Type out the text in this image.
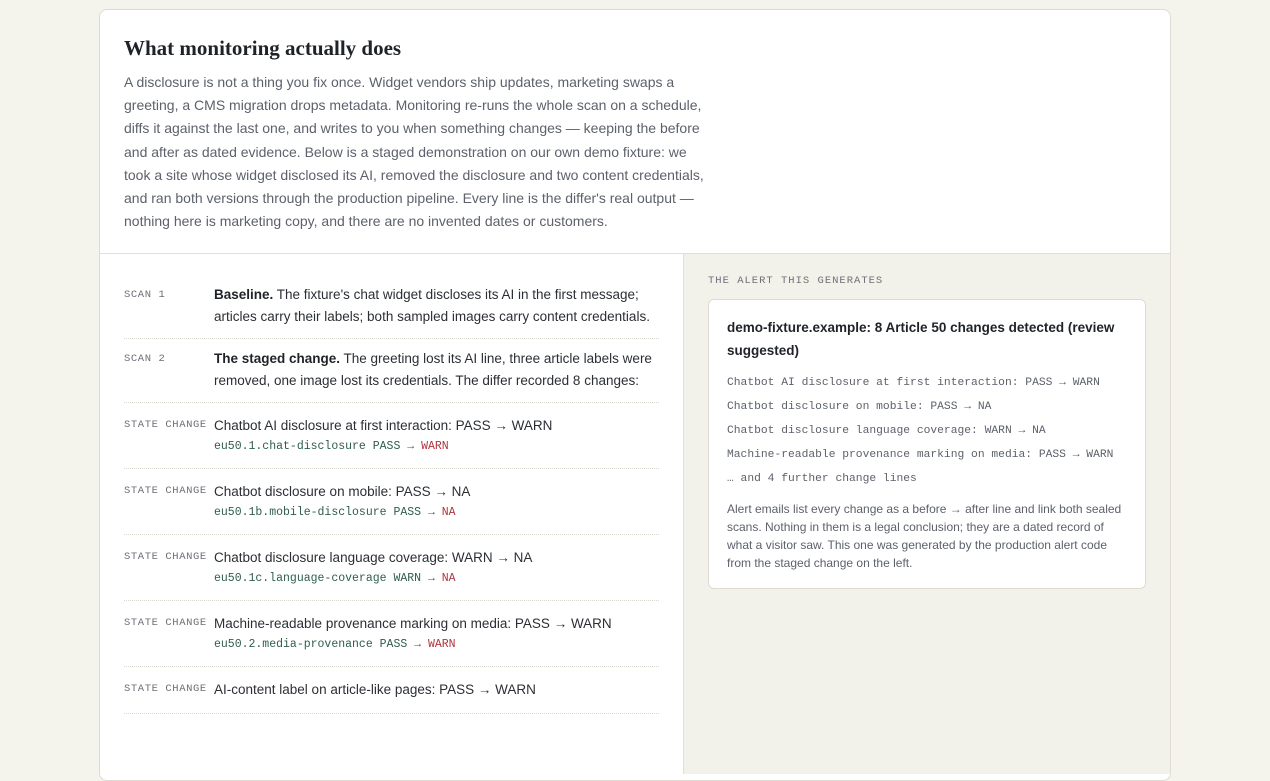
What monitoring actually does

A disclosure is not a thing you fix once. Widget vendors ship updates, marketing swaps a greeting, a CMS migration drops metadata. Monitoring re-runs the whole scan on a schedule, diffs it against the last one, and writes to you when something changes — keeping the before and after as dated evidence. Below is a staged demonstration on our own demo fixture: we took a site whose widget disclosed its AI, removed the disclosure and two content credentials, and ran both versions through the production pipeline. Every line is the differ's real output — nothing here is marketing copy, and there are no invented dates or customers.

SCAN 1	Baseline. The fixture's chat widget discloses its AI in the first message; articles carry their labels; both sampled images carry content credentials.
SCAN 2	The staged change. The greeting lost its AI line, three article labels were removed, one image lost its credentials. The differ recorded 8 changes:
STATE CHANGE Chatbot AI disclosure at first interaction: PASS → WARN
eu50.1.chat-disclosure PASS → WARN
STATE CHANGE Chatbot disclosure on mobile: PASS → NA
eu50.1b.mobile-disclosure PASS → NA
STATE CHANGE Chatbot disclosure language coverage: WARN → NA
eu50.1c.language-coverage WARN → NA
STATE CHANGE Machine-readable provenance marking on media: PASS → WARN
eu50.2.media-provenance PASS → WARN
STATE CHANGE AI-content label on article-like pages: PASS → WARN
THE ALERT THIS GENERATES
demo-fixture.example: 8 Article 50 changes detected (review suggested)
Chatbot AI disclosure at first interaction: PASS → WARN
Chatbot disclosure on mobile: PASS → NA
Chatbot disclosure language coverage: WARN → NA
Machine-readable provenance marking on media: PASS → WARN
… and 4 further change lines
Alert emails list every change as a before → after line and link both sealed scans. Nothing in them is a legal conclusion; they are a dated record of what a visitor saw. This one was generated by the production alert code from the staged change on the left.
